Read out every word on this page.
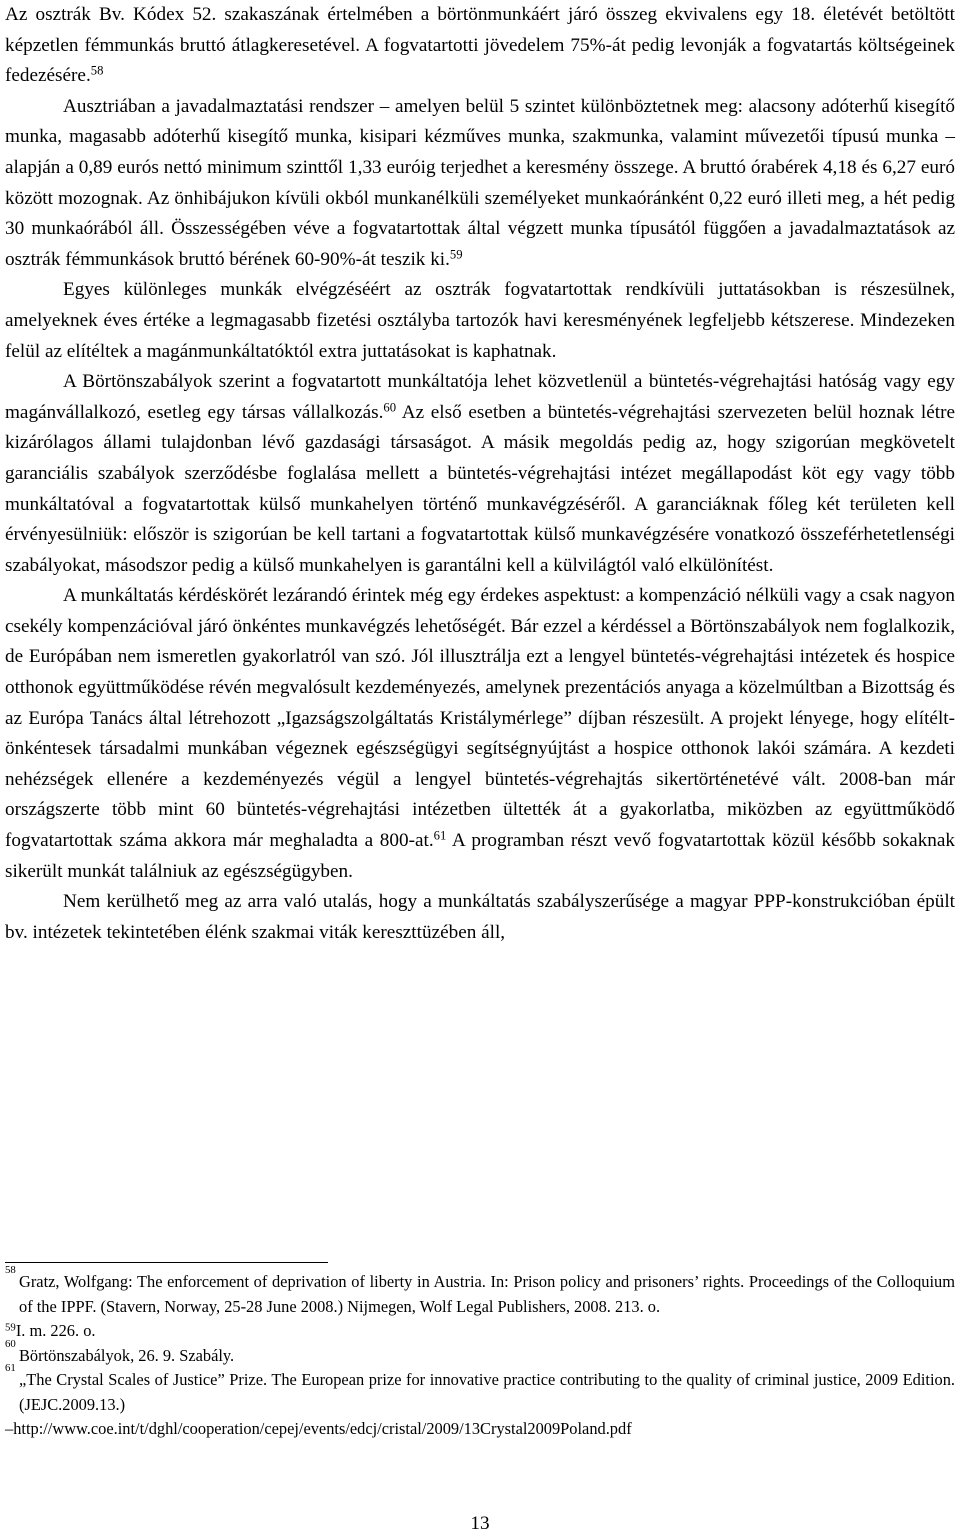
Az osztrák Bv. Kódex 52. szakaszának értelmében a börtönmunkáért járó összeg ekvivalens egy 18. életévét betöltött képzetlen fémmunkás bruttó átlagkeresetével. A fogvatartotti jövedelem 75%-át pedig levonják a fogvatartás költségeinek fedezésére.$^{58}$

Ausztriában a javadalmaztatási rendszer – amelyen belül 5 szintet különböztetnek meg: alacsony adóterhű kisegítő munka, magasabb adóterhű kisegítő munka, kisipari kézműves munka, szakmunka, valamint művezetői típusú munka – alapján a 0,89 eurós nettó minimum szinttől 1,33 euróig terjedhet a keresmény összege. A bruttó órabérek 4,18 és 6,27 euró között mozognak. Az önhibájukon kívüli okból munkanélküli személyeket munkaóránként 0,22 euró illeti meg, a hét pedig 30 munkaórából áll. Összességében véve a fogvatartottak által végzett munka típusától függően a javadalmaztatások az osztrák fémmunkások bruttó bérének 60-90%-át teszik ki.$^{59}$

Egyes különleges munkák elvégzéséért az osztrák fogvatartottak rendkívüli juttatásokban is részesülnek, amelyeknek éves értéke a legmagasabb fizetési osztályba tartozók havi keresményének legfeljebb kétszerese. Mindezeken felül az elítéltek a magánmunkáltatóktól extra juttatásokat is kaphatnak.

A Börtönszabályok szerint a fogvatartott munkáltatója lehet közvetlenül a büntetés-végrehajtási hatóság vagy egy magánvállalkozó, esetleg egy társas vállalkozás.$^{60}$ Az első esetben a büntetés-végrehajtási szervezeten belül hoznak létre kizárólagos állami tulajdonban lévő gazdasági társaságot. A másik megoldás pedig az, hogy szigorúan megkövetelt garanciális szabályok szerződésbe foglalása mellett a büntetés-végrehajtási intézet megállapodást köt egy vagy több munkáltatóval a fogvatartottak külső munkahelyen történő munkavégzéséről. A garanciáknak főleg két területen kell érvényesülniük: először is szigorúan be kell tartani a fogvatartottak külső munkavégzésére vonatkozó összeférhetetlenségi szabályokat, másodszor pedig a külső munkahelyen is garantálni kell a külvilágtól való elkülönítést.

A munkáltatás kérdéskörét lezárandó érintek még egy érdekes aspektust: a kompenzáció nélküli vagy a csak nagyon csekély kompenzációval járó önkéntes munkavégzés lehetőségét. Bár ezzel a kérdéssel a Börtönszabályok nem foglalkozik, de Európában nem ismeretlen gyakorlatról van szó. Jól illusztrálja ezt a lengyel büntetés-végrehajtási intézetek és hospice otthonok együttműködése révén megvalósult kezdeményezés, amelynek prezentációs anyaga a közelmúltban a Bizottság és az Európa Tanács által létrehozott „Igazságszolgáltatás Kristálymérlege” díjban részesült. A projekt lényege, hogy elítélt-önkéntesek társadalmi munkában végeznek egészségügyi segítségnyújtást a hospice otthonok lakói számára. A kezdeti nehézségek ellenére a kezdeményezés végül a lengyel büntetés-végrehajtás sikertörténetévé vált. 2008-ban már országszerte több mint 60 büntetés-végrehajtási intézetben ültették át a gyakorlatba, miközben az együttműködő fogvatartottak száma akkora már meghaladta a 800-at.$^{61}$ A programban részt vevő fogvatartottak közül később sokaknak sikerült munkát találniuk az egészségügyben.

Nem kerülhető meg az arra való utalás, hogy a munkáltatás szabályszerűsége a magyar PPP-konstrukcióban épült bv. intézetek tekintetében élénk szakmai viták kereszttüzében áll,

58
Gratz, Wolfgang: The enforcement of deprivation of liberty in Austria. In: Prison policy and prisoners’ rights. Proceedings of the Colloquium of the IPPF. (Stavern, Norway, 25-28 June 2008.) Nijmegen, Wolf Legal Publishers, 2008. 213. o.
$^{59}$I. m. 226. o.
60
Börtönszabályok, 26. 9. Szabály.
61
„The Crystal Scales of Justice” Prize. The European prize for innovative practice contributing to the quality of criminal justice, 2009 Edition. (JEJC.2009.13.)
–http://www.coe.int/t/dghl/cooperation/cepej/events/edcj/cristal/2009/13Crystal2009Poland.pdf
13
